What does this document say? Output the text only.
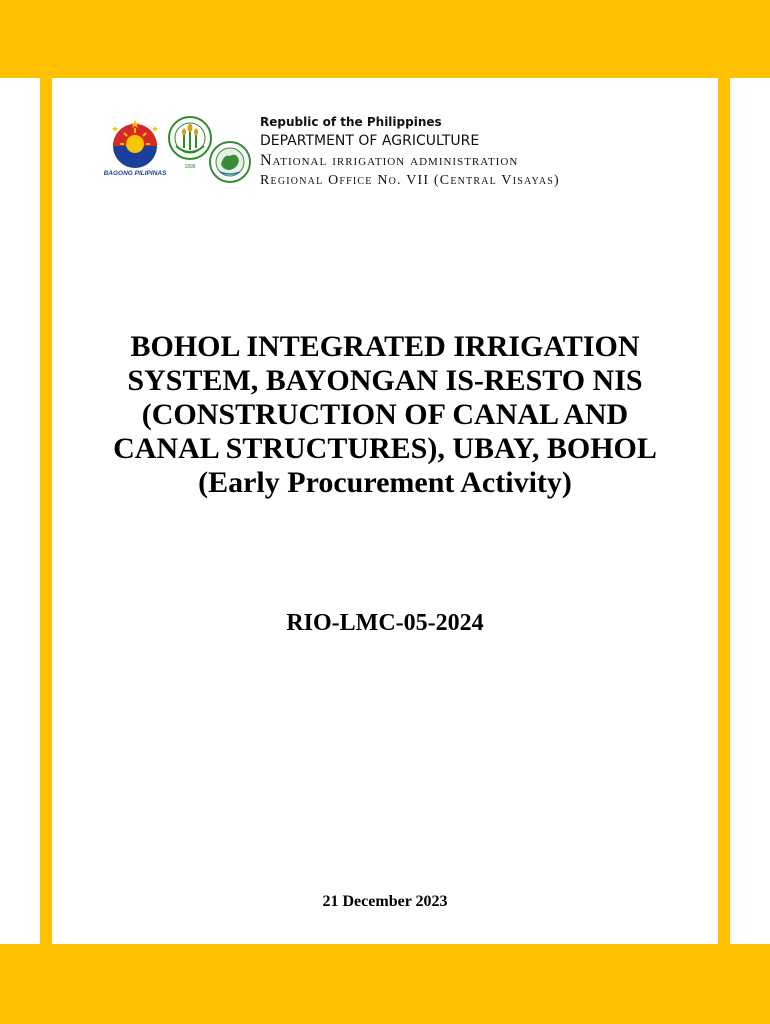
BAGONG PILIPINAS
1898
Republic of the Philippines
DEPARTMENT OF AGRICULTURE
National irrigation administration
Regional Office No. VII (Central Visayas)
BOHOL INTEGRATED IRRIGATION
SYSTEM, BAYONGAN IS-RESTO NIS
(CONSTRUCTION OF CANAL AND
CANAL STRUCTURES), UBAY, BOHOL
(Early Procurement Activity)
RIO-LMC-05-2024
21 December 2023
